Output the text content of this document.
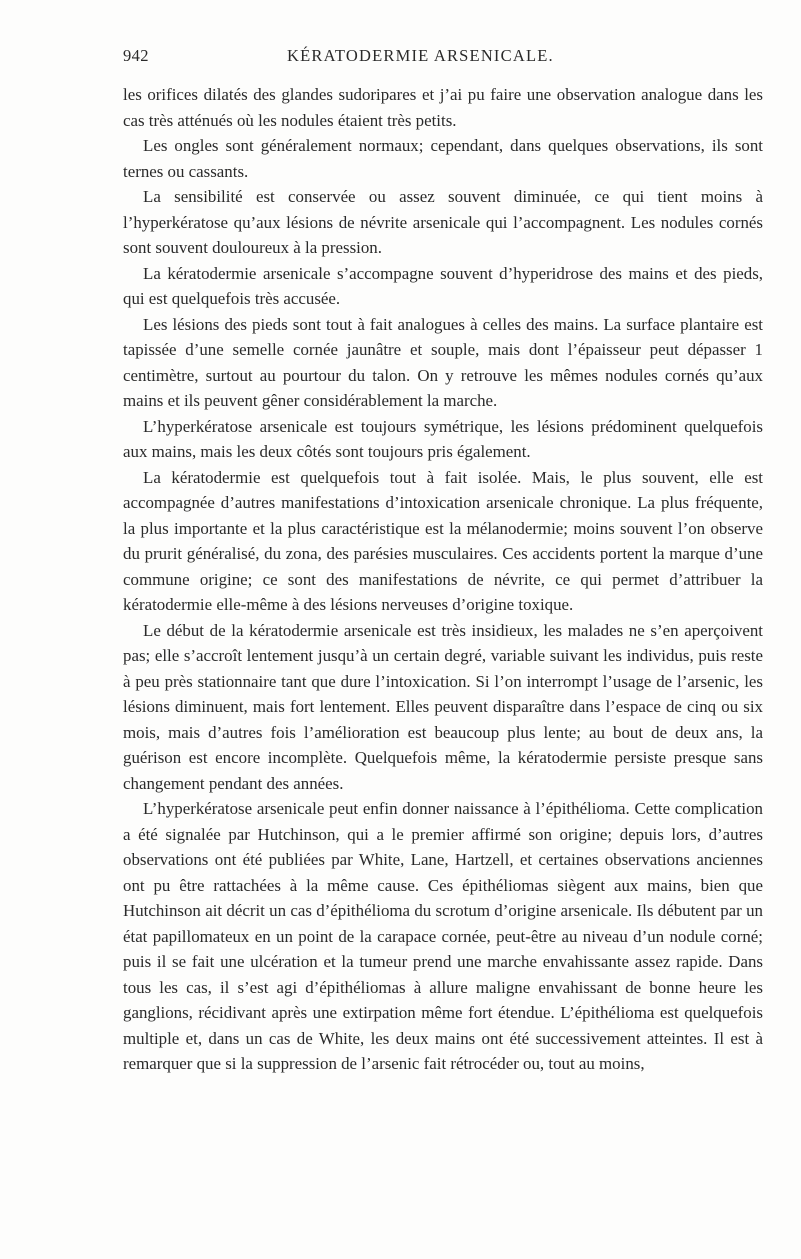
942	KÉRATODERMIE ARSENICALE.

les orifices dilatés des glandes sudoripares et j’ai pu faire une observation analogue dans les cas très atténués où les nodules étaient très petits.

Les ongles sont généralement normaux; cependant, dans quelques observations, ils sont ternes ou cassants.

La sensibilité est conservée ou assez souvent diminuée, ce qui tient moins à l’hyperkératose qu’aux lésions de névrite arsenicale qui l’accompagnent. Les nodules cornés sont souvent douloureux à la pression.

La kératodermie arsenicale s’accompagne souvent d’hyperidrose des mains et des pieds, qui est quelquefois très accusée.

Les lésions des pieds sont tout à fait analogues à celles des mains. La surface plantaire est tapissée d’une semelle cornée jaunâtre et souple, mais dont l’épaisseur peut dépasser 1 centimètre, surtout au pourtour du talon. On y retrouve les mêmes nodules cornés qu’aux mains et ils peuvent gêner considérablement la marche.

L’hyperkératose arsenicale est toujours symétrique, les lésions prédominent quelquefois aux mains, mais les deux côtés sont toujours pris également.

La kératodermie est quelquefois tout à fait isolée. Mais, le plus souvent, elle est accompagnée d’autres manifestations d’intoxication arsenicale chronique. La plus fréquente, la plus importante et la plus caractéristique est la mélanodermie; moins souvent l’on observe du prurit généralisé, du zona, des parésies musculaires. Ces accidents portent la marque d’une commune origine; ce sont des manifestations de névrite, ce qui permet d’attribuer la kératodermie elle-même à des lésions nerveuses d’origine toxique.

Le début de la kératodermie arsenicale est très insidieux, les malades ne s’en aperçoivent pas; elle s’accroît lentement jusqu’à un certain degré, variable suivant les individus, puis reste à peu près stationnaire tant que dure l’intoxication. Si l’on interrompt l’usage de l’arsenic, les lésions diminuent, mais fort lentement. Elles peuvent disparaître dans l’espace de cinq ou six mois, mais d’autres fois l’amélioration est beaucoup plus lente; au bout de deux ans, la guérison est encore incomplète. Quelquefois même, la kératodermie persiste presque sans changement pendant des années.

L’hyperkératose arsenicale peut enfin donner naissance à l’épithélioma. Cette complication a été signalée par Hutchinson, qui a le premier affirmé son origine; depuis lors, d’autres observations ont été publiées par White, Lane, Hartzell, et certaines observations anciennes ont pu être rattachées à la même cause. Ces épithéliomas siègent aux mains, bien que Hutchinson ait décrit un cas d’épithélioma du scrotum d’origine arsenicale. Ils débutent par un état papillomateux en un point de la carapace cornée, peut-être au niveau d’un nodule corné; puis il se fait une ulcération et la tumeur prend une marche envahissante assez rapide. Dans tous les cas, il s’est agi d’épithéliomas à allure maligne envahissant de bonne heure les ganglions, récidivant après une extirpation même fort étendue. L’épithélioma est quelquefois multiple et, dans un cas de White, les deux mains ont été successivement atteintes. Il est à remarquer que si la suppression de l’arsenic fait rétrocéder ou, tout au moins,
